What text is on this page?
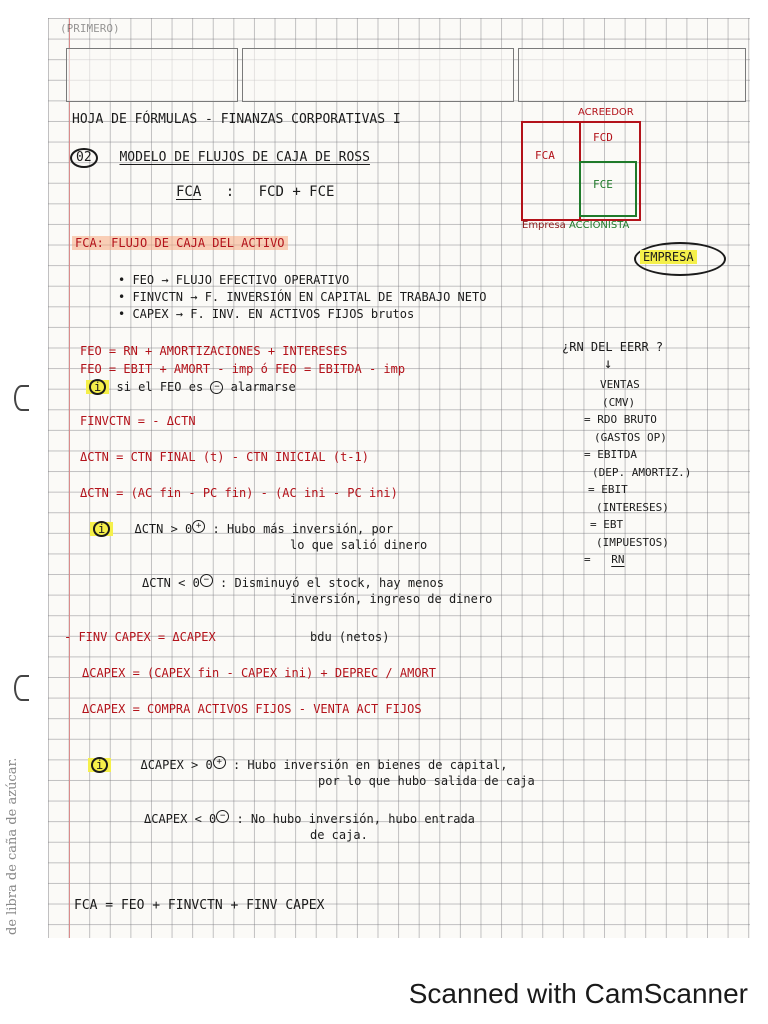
(PRIMERO)
HOJA DE FÓRMULAS - FINANZAS CORPORATIVAS I
02 MODELO DE FLUJOS DE CAJA DE ROSS
FCA : FCD + FCE
ACREEDOR
FCA
FCD
FCE
Empresa ACCIONISTA
FCA: FLUJO DE CAJA DEL ACTIVO
EMPRESA
• FEO → FLUJO EFECTIVO OPERATIVO
• FINVCTN → F. INVERSIÓN EN CAPITAL DE TRABAJO NETO
• CAPEX → F. INV. EN ACTIVOS FIJOS brutos
FEO = RN + AMORTIZACIONES + INTERESES
FEO = EBIT + AMORT - imp ó FEO = EBITDA - imp
i si el FEO es − alarmarse
FINVCTN = - ΔCTN
ΔCTN = CTN FINAL (t) - CTN INICIAL (t-1)
ΔCTN = (AC fin - PC fin) - (AC ini - PC ini)
i ΔCTN > 0 + : Hubo más inversión, por
lo que salió dinero
ΔCTN < 0 − : Disminuyó el stock, hay menos
inversión, ingreso de dinero
¿RN DEL EERR ?
↓
VENTAS
(CMV)
= RDO BRUTO
(GASTOS OP)
= EBITDA
(DEP. AMORTIZ.)
= EBIT
(INTERESES)
= EBT
(IMPUESTOS)
= RN
- FINV CAPEX = ΔCAPEX	bdu (netos)
ΔCAPEX = (CAPEX fin - CAPEX ini) + DEPREC / AMORT
ΔCAPEX = COMPRA ACTIVOS FIJOS - VENTA ACT FIJOS
i	ΔCAPEX > 0 + : Hubo inversión en bienes de capital,
por lo que hubo salida de caja
ΔCAPEX < 0 − : No hubo inversión, hubo entrada
de caja.
FCA = FEO + FINVCTN + FINV CAPEX
de libra de caña de azúcar.
Scanned with CamScanner
